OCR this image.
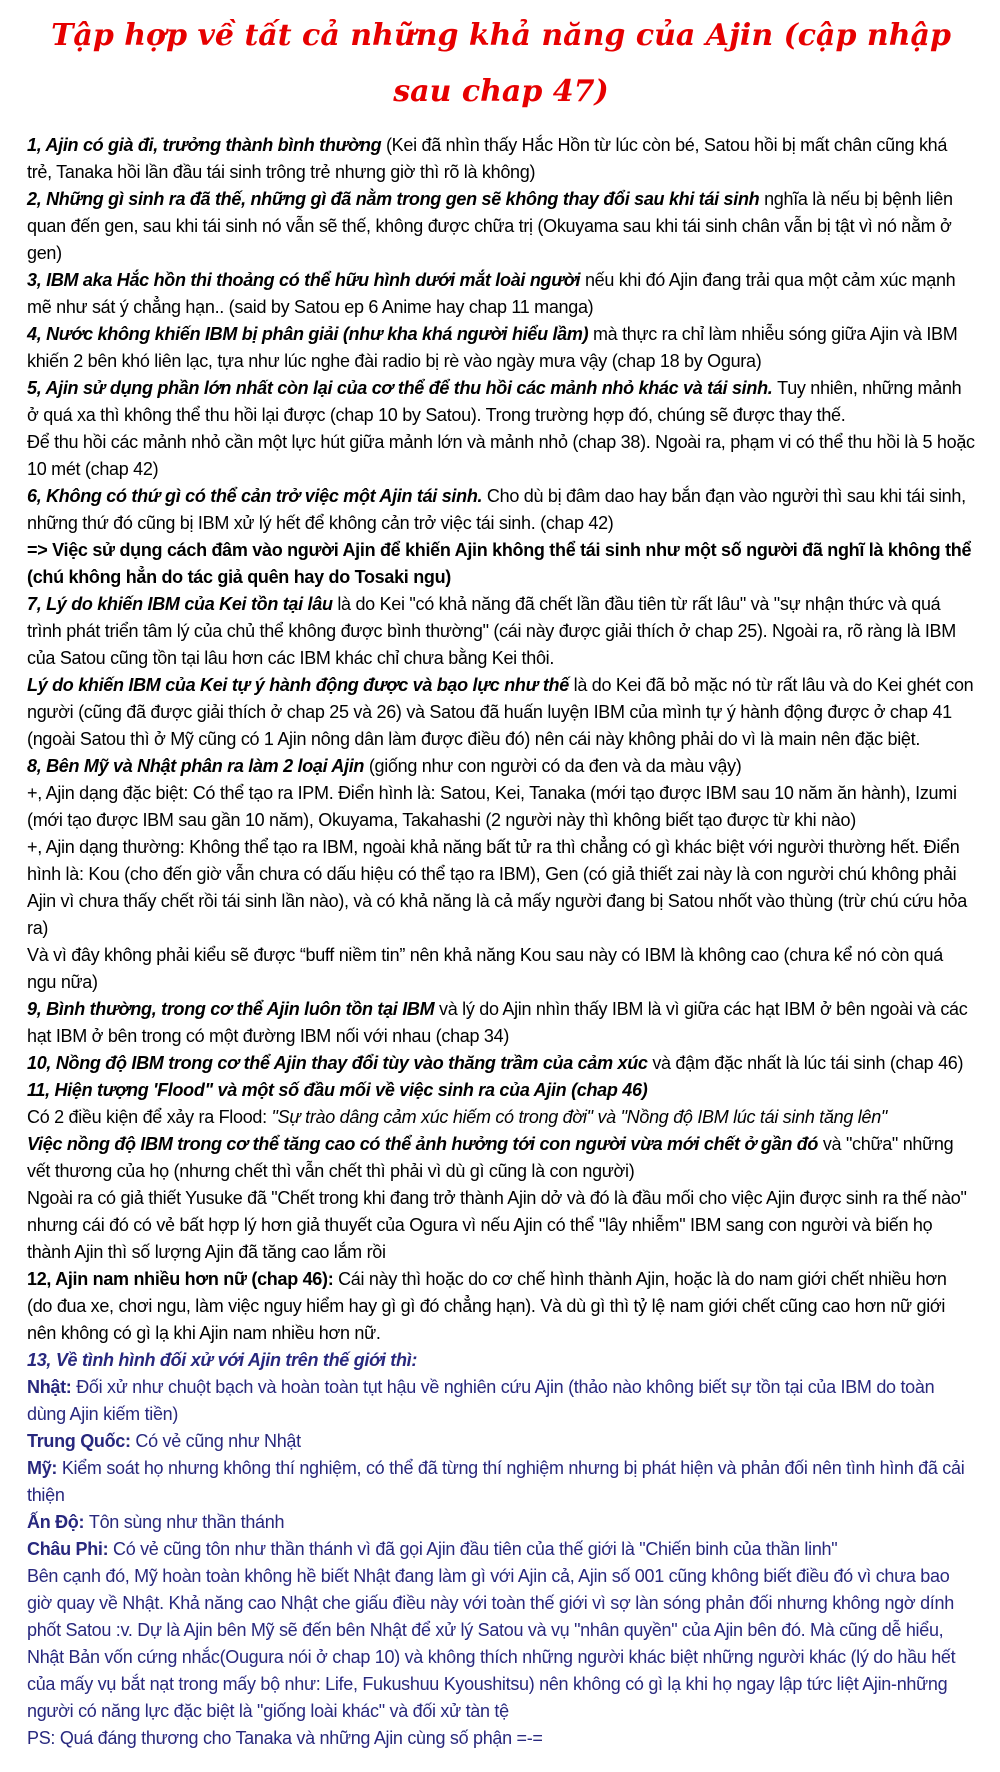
Tập hợp về tất cả những khả năng của Ajin (cập nhập sau chap 47)

1, Ajin có già đi, trưởng thành bình thường (Kei đã nhìn thấy Hắc Hồn từ lúc còn bé, Satou hồi bị mất chân cũng khá trẻ, Tanaka hồi lần đầu tái sinh trông trẻ nhưng giờ thì rõ là không)

2, Những gì sinh ra đã thế, những gì đã nằm trong gen sẽ không thay đổi sau khi tái sinh nghĩa là nếu bị bệnh liên quan đến gen, sau khi tái sinh nó vẫn sẽ thế, không được chữa trị (Okuyama sau khi tái sinh chân vẫn bị tật vì nó nằm ở gen)

3, IBM aka Hắc hồn thi thoảng có thể hữu hình dưới mắt loài người nếu khi đó Ajin đang trải qua một cảm xúc mạnh mẽ như sát ý chẳng hạn.. (said by Satou ep 6 Anime hay chap 11 manga)

4, Nước không khiến IBM bị phân giải (như kha khá người hiểu lầm) mà thực ra chỉ làm nhiễu sóng giữa Ajin và IBM khiến 2 bên khó liên lạc, tựa như lúc nghe đài radio bị rè vào ngày mưa vậy (chap 18 by Ogura)

5, Ajin sử dụng phần lớn nhất còn lại của cơ thể để thu hồi các mảnh nhỏ khác và tái sinh. Tuy nhiên, những mảnh ở quá xa thì không thể thu hồi lại được (chap 10 by Satou). Trong trường hợp đó, chúng sẽ được thay thế.

Để thu hồi các mảnh nhỏ cần một lực hút giữa mảnh lớn và mảnh nhỏ (chap 38). Ngoài ra, phạm vi có thể thu hồi là 5 hoặc 10 mét (chap 42)

6, Không có thứ gì có thể cản trở việc một Ajin tái sinh. Cho dù bị đâm dao hay bắn đạn vào người thì sau khi tái sinh, những thứ đó cũng bị IBM xử lý hết để không cản trở việc tái sinh. (chap 42)

=> Việc sử dụng cách đâm vào người Ajin để khiến Ajin không thể tái sinh như một số người đã nghĩ là không thể (chú không hẳn do tác giả quên hay do Tosaki ngu)

7, Lý do khiến IBM của Kei tồn tại lâu là do Kei "có khả năng đã chết lần đầu tiên từ rất lâu" và "sự nhận thức và quá trình phát triển tâm lý của chủ thể không được bình thường" (cái này được giải thích ở chap 25). Ngoài ra, rõ ràng là IBM của Satou cũng tồn tại lâu hơn các IBM khác chỉ chưa bằng Kei thôi.

Lý do khiến IBM của Kei tự ý hành động được và bạo lực như thế là do Kei đã bỏ mặc nó từ rất lâu và do Kei ghét con người (cũng đã được giải thích ở chap 25 và 26) và Satou đã huấn luyện IBM của mình tự ý hành động được ở chap 41 (ngoài Satou thì ở Mỹ cũng có 1 Ajin nông dân làm được điều đó) nên cái này không phải do vì là main nên đặc biệt.

8, Bên Mỹ và Nhật phân ra làm 2 loại Ajin (giống như con người có da đen và da màu vậy)

+, Ajin dạng đặc biệt: Có thể tạo ra IPM. Điển hình là: Satou, Kei, Tanaka (mới tạo được IBM sau 10 năm ăn hành), Izumi (mới tạo được IBM sau gần 10 năm), Okuyama, Takahashi (2 người này thì không biết tạo được từ khi nào)

+, Ajin dạng thường: Không thể tạo ra IBM, ngoài khả năng bất tử ra thì chẳng có gì khác biệt với người thường hết. Điển hình là: Kou (cho đến giờ vẫn chưa có dấu hiệu có thể tạo ra IBM), Gen (có giả thiết zai này là con người chú không phải Ajin vì chưa thấy chết rồi tái sinh lần nào), và có khả năng là cả mấy người đang bị Satou nhốt vào thùng (trừ chú cứu hỏa ra)

Và vì đây không phải kiểu sẽ được “buff niềm tin” nên khả năng Kou sau này có IBM là không cao (chưa kể nó còn quá ngu nữa)

9, Bình thường, trong cơ thể Ajin luôn tồn tại IBM và lý do Ajin nhìn thấy IBM là vì giữa các hạt IBM ở bên ngoài và các hạt IBM ở bên trong có một đường IBM nối với nhau (chap 34)

10, Nồng độ IBM trong cơ thể Ajin thay đổi tùy vào thăng trầm của cảm xúc và đậm đặc nhất là lúc tái sinh (chap 46)

11, Hiện tượng 'Flood" và một số đầu mối về việc sinh ra của Ajin (chap 46)

Có 2 điều kiện để xảy ra Flood: "Sự trào dâng cảm xúc hiếm có trong đời" và "Nồng độ IBM lúc tái sinh tăng lên"

Việc nồng độ IBM trong cơ thể tăng cao có thể ảnh hưởng tới con người vừa mới chết ở gần đó và "chữa" những vết thương của họ (nhưng chết thì vẫn chết thì phải vì dù gì cũng là con người)

Ngoài ra có giả thiết Yusuke đã "Chết trong khi đang trở thành Ajin dở và đó là đầu mối cho việc Ajin được sinh ra thế nào" nhưng cái đó có vẻ bất hợp lý hơn giả thuyết của Ogura vì nếu Ajin có thể "lây nhiễm" IBM sang con người và biến họ thành Ajin thì số lượng Ajin đã tăng cao lắm rồi

12, Ajin nam nhiều hơn nữ (chap 46): Cái này thì hoặc do cơ chế hình thành Ajin, hoặc là do nam giới chết nhiều hơn (do đua xe, chơi ngu, làm việc nguy hiểm hay gì gì đó chẳng hạn). Và dù gì thì tỷ lệ nam giới chết cũng cao hơn nữ giới nên không có gì lạ khi Ajin nam nhiều hơn nữ.

13, Về tình hình đối xử với Ajin trên thế giới thì:

Nhật: Đối xử như chuột bạch và hoàn toàn tụt hậu về nghiên cứu Ajin (thảo nào không biết sự tồn tại của IBM do toàn dùng Ajin kiếm tiền)

Trung Quốc: Có vẻ cũng như Nhật

Mỹ: Kiểm soát họ nhưng không thí nghiệm, có thể đã từng thí nghiệm nhưng bị phát hiện và phản đối nên tình hình đã cải thiện

Ấn Độ: Tôn sùng như thần thánh

Châu Phi: Có vẻ cũng tôn như thần thánh vì đã gọi Ajin đầu tiên của thế giới là "Chiến binh của thần linh"

Bên cạnh đó, Mỹ hoàn toàn không hề biết Nhật đang làm gì với Ajin cả, Ajin số 001 cũng không biết điều đó vì chưa bao giờ quay về Nhật. Khả năng cao Nhật che giấu điều này với toàn thế giới vì sợ làn sóng phản đối nhưng không ngờ dính phốt Satou :v. Dự là Ajin bên Mỹ sẽ đến bên Nhật để xử lý Satou và vụ "nhân quyền" của Ajin bên đó. Mà cũng dễ hiểu, Nhật Bản vốn cứng nhắc(Ougura nói ở chap 10) và không thích những người khác biệt những người khác (lý do hầu hết của mấy vụ bắt nạt trong mấy bộ như: Life, Fukushuu Kyoushitsu) nên không có gì lạ khi họ ngay lập tức liệt Ajin-những người có năng lực đặc biệt là "giống loài khác" và đối xử tàn tệ

PS: Quá đáng thương cho Tanaka và những Ajin cùng số phận =-=
